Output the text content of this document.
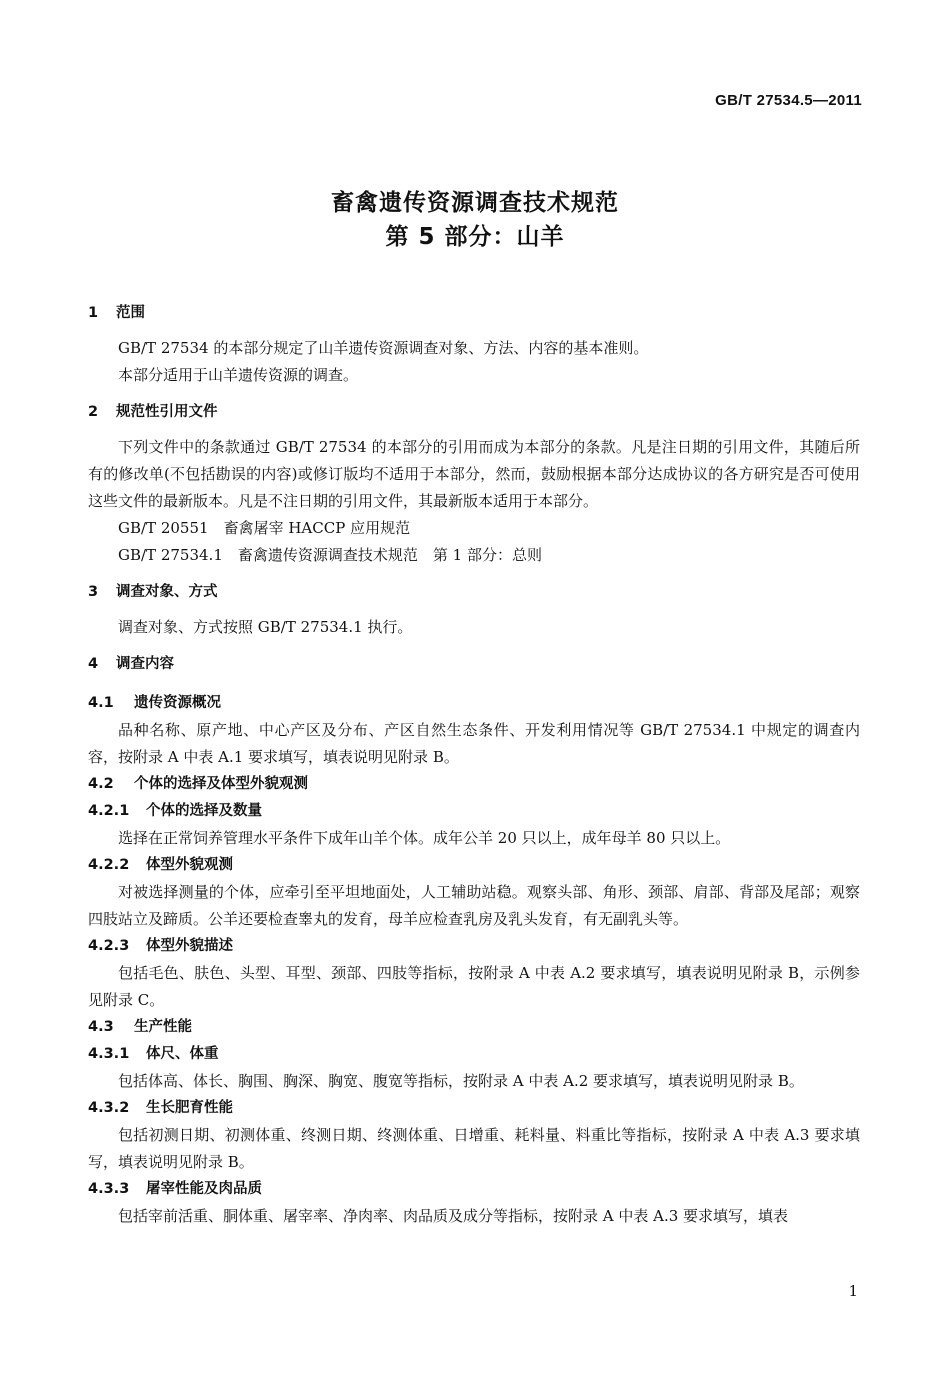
GB/T 27534.5—2011
畜禽遗传资源调查技术规范
第 5 部分：山羊
1 范围

GB/T 27534 的本部分规定了山羊遗传资源调查对象、方法、内容的基本准则。

本部分适用于山羊遗传资源的调查。

2 规范性引用文件

下列文件中的条款通过 GB/T 27534 的本部分的引用而成为本部分的条款。凡是注日期的引用文件，其随后所有的修改单(不包括勘误的内容)或修订版均不适用于本部分，然而，鼓励根据本部分达成协议的各方研究是否可使用这些文件的最新版本。凡是不注日期的引用文件，其最新版本适用于本部分。

GB/T 20551　 畜禽屠宰 HACCP 应用规范

GB/T 27534.1　 畜禽遗传资源调查技术规范　第 1 部分：总则

3 调查对象、方式

调查对象、方式按照 GB/T 27534.1 执行。

4 调查内容
4.1 遗传资源概况

品种名称、原产地、中心产区及分布、产区自然生态条件、开发利用情况等 GB/T 27534.1 中规定的调查内容，按附录 A 中表 A.1 要求填写，填表说明见附录 B。

4.2 个体的选择及体型外貌观测
4.2.1 个体的选择及数量

选择在正常饲养管理水平条件下成年山羊个体。成年公羊 20 只以上，成年母羊 80 只以上。

4.2.2 体型外貌观测

对被选择测量的个体，应牵引至平坦地面处，人工辅助站稳。观察头部、角形、颈部、肩部、背部及尾部；观察四肢站立及蹄质。公羊还要检查睾丸的发育，母羊应检查乳房及乳头发育，有无副乳头等。

4.2.3 体型外貌描述

包括毛色、肤色、头型、耳型、颈部、四肢等指标，按附录 A 中表 A.2 要求填写，填表说明见附录 B，示例参见附录 C。

4.3 生产性能
4.3.1 体尺、体重

包括体高、体长、胸围、胸深、胸宽、腹宽等指标，按附录 A 中表 A.2 要求填写，填表说明见附录 B。

4.3.2 生长肥育性能

包括初测日期、初测体重、终测日期、终测体重、日增重、耗料量、料重比等指标，按附录 A 中表 A.3 要求填写，填表说明见附录 B。

4.3.3 屠宰性能及肉品质

包括宰前活重、胴体重、屠宰率、净肉率、肉品质及成分等指标，按附录 A 中表 A.3 要求填写，填表

1
